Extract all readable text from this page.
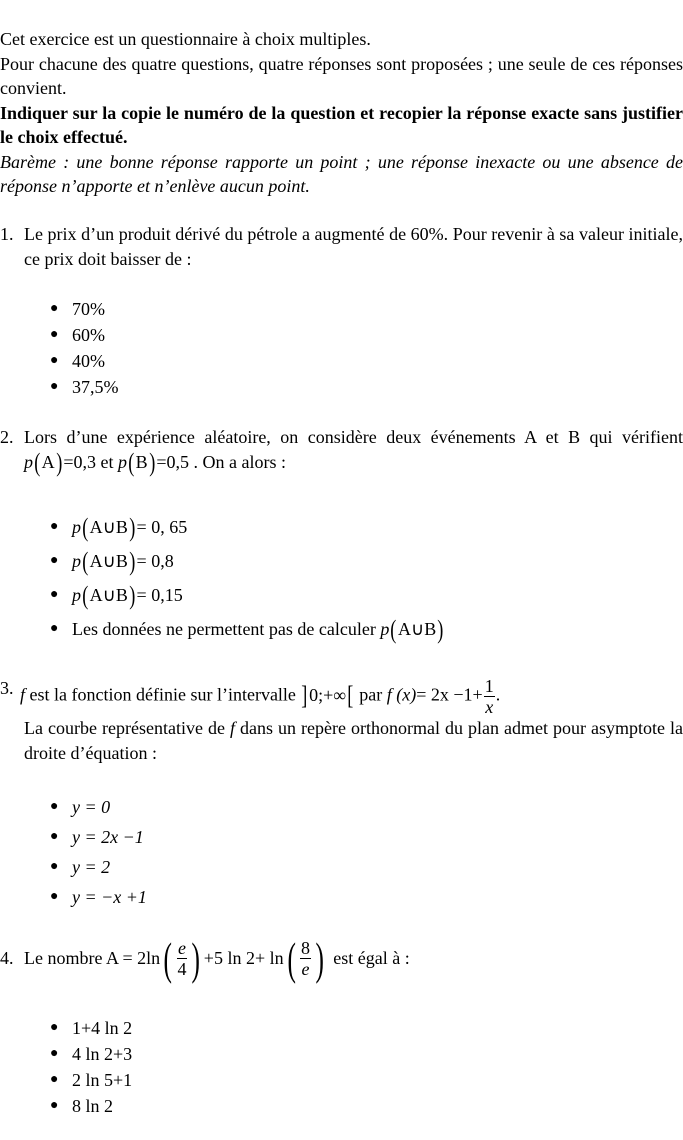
Cet exercice est un questionnaire à choix multiples.

Pour chacune des quatre questions, quatre réponses sont proposées ; une seule de ces réponses convient.

Indiquer sur la copie le numéro de la question et recopier la réponse exacte sans justifier le choix effectué.

Barème : une bonne réponse rapporte un point ; une réponse inexacte ou une absence de réponse n’apporte et n’enlève aucun point.

1. Le prix d’un produit dérivé du pétrole a augmenté de 60%. Pour revenir à sa valeur initiale, ce prix doit baisser de :
● 70%
● 60%
● 40%
● 37,5%
2. Lors d’une expérience aléatoire, on considère deux événements A et B qui vérifient p(A)=0,3 et p(B)=0,5 . On a alors :
● p(A∪B)= 0, 65
● p(A∪B)= 0,8
● p(A∪B)= 0,15
● Les données ne permettent pas de calculer p(A∪B)
3. f est la fonction définie sur l’intervalle ]0;+∞[ par f $(x)= 2x -1+ \frac{1}{x}$ .
La courbe représentative de f dans un repère orthonormal du plan admet pour asymptote la droite d’équation :
● y = 0
● y = 2x −1
● y = 2
● y = −x +1
4. Le nombre A = 2ln ( $\frac{e}{4}$ ) +5 ln 2+ ln ( $\frac{8}{e}$ ) est égal à :
● 1+4 ln 2
● 4 ln 2+3
● 2 ln 5+1
● 8 ln 2
